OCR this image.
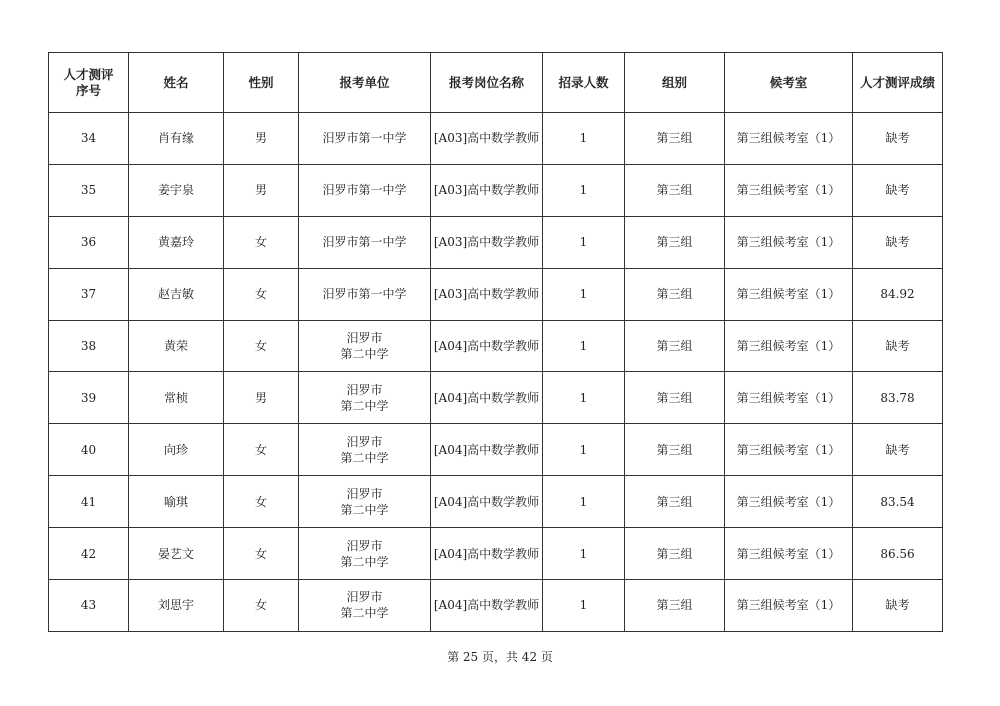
人才测评
序号	姓名	性别	报考单位	报考岗位名称	招录人数	组别	候考室	人才测评成绩
34	肖有缘	男	汨罗市第一中学	[A03]高中数学教师	1	第三组	第三组候考室（1）	缺考
35	姜宇泉	男	汨罗市第一中学	[A03]高中数学教师	1	第三组	第三组候考室（1）	缺考
36	黄嘉玲	女	汨罗市第一中学	[A03]高中数学教师	1	第三组	第三组候考室（1）	缺考
37	赵吉敏	女	汨罗市第一中学	[A03]高中数学教师	1	第三组	第三组候考室（1）	84.92
38	黄荣	女	汨罗市
第二中学	[A04]高中数学教师	1	第三组	第三组候考室（1）	缺考
39	常桢	男	汨罗市
第二中学	[A04]高中数学教师	1	第三组	第三组候考室（1）	83.78
40	向珍	女	汨罗市
第二中学	[A04]高中数学教师	1	第三组	第三组候考室（1）	缺考
41	喻琪	女	汨罗市
第二中学	[A04]高中数学教师	1	第三组	第三组候考室（1）	83.54
42	晏艺文	女	汨罗市
第二中学	[A04]高中数学教师	1	第三组	第三组候考室（1）	86.56
43	刘思宇	女	汨罗市
第二中学	[A04]高中数学教师	1	第三组	第三组候考室（1）	缺考
第 25 页，共 42 页
